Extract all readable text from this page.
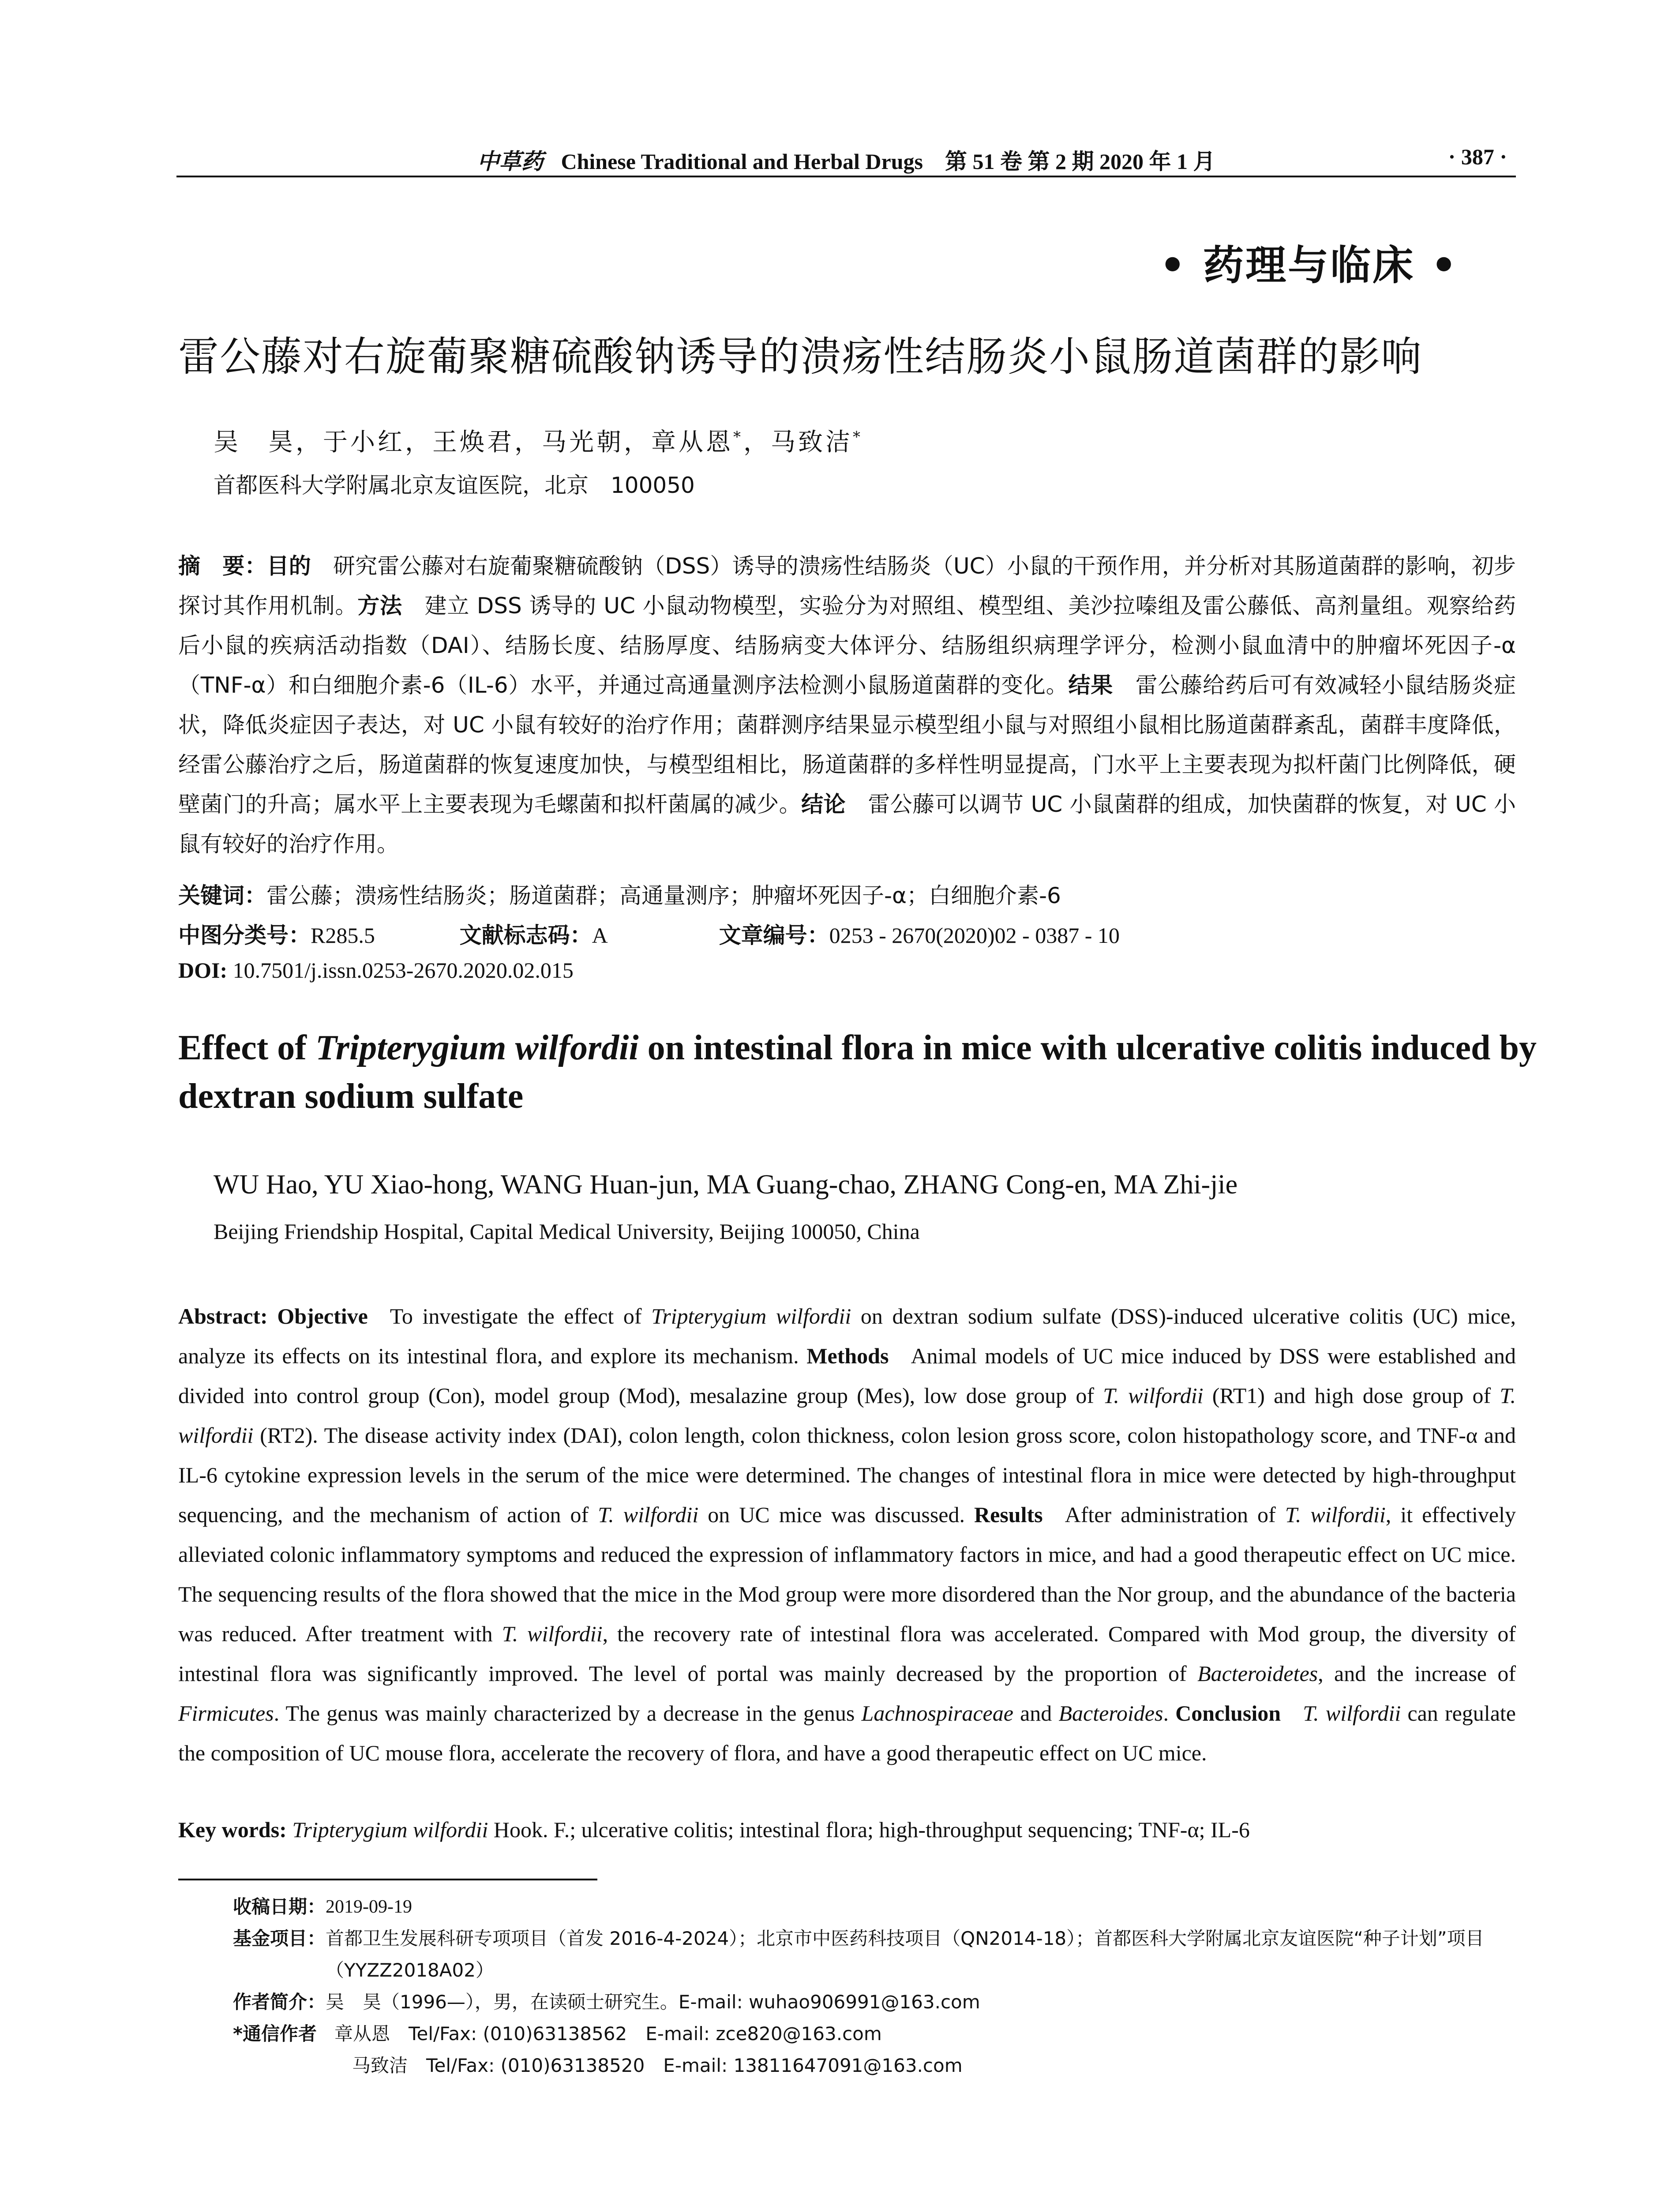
中草药 Chinese Traditional and Herbal Drugs　第 51 卷 第 2 期 2020 年 1 月	· 387 ·
• 药理与临床 •
雷公藤对右旋葡聚糖硫酸钠诱导的溃疡性结肠炎小鼠肠道菌群的影响
吴　昊，于小红，王焕君，马光朝，章从恩*，马致洁*
首都医科大学附属北京友谊医院，北京　100050
摘　要：目的 研究雷公藤对右旋葡聚糖硫酸钠（DSS）诱导的溃疡性结肠炎（UC）小鼠的干预作用，并分析对其肠道菌群的影响，初步探讨其作用机制。方法 建立 DSS 诱导的 UC 小鼠动物模型，实验分为对照组、模型组、美沙拉嗪组及雷公藤低、高剂量组。观察给药后小鼠的疾病活动指数（DAI）、结肠长度、结肠厚度、结肠病变大体评分、结肠组织病理学评分，检测小鼠血清中的肿瘤坏死因子-α（TNF-α）和白细胞介素-6（IL-6）水平，并通过高通量测序法检测小鼠肠道菌群的变化。结果 雷公藤给药后可有效减轻小鼠结肠炎症状，降低炎症因子表达，对 UC 小鼠有较好的治疗作用；菌群测序结果显示模型组小鼠与对照组小鼠相比肠道菌群紊乱，菌群丰度降低，经雷公藤治疗之后，肠道菌群的恢复速度加快，与模型组相比，肠道菌群的多样性明显提高，门水平上主要表现为拟杆菌门比例降低，硬壁菌门的升高；属水平上主要表现为毛螺菌和拟杆菌属的减少。结论 雷公藤可以调节 UC 小鼠菌群的组成，加快菌群的恢复，对 UC 小鼠有较好的治疗作用。
关键词：雷公藤；溃疡性结肠炎；肠道菌群；高通量测序；肿瘤坏死因子-α；白细胞介素-6
中图分类号：R285.5	文献标志码：A	文章编号：0253 - 2670(2020)02 - 0387 - 10
DOI: 10.7501/j.issn.0253-2670.2020.02.015
Effect of Tripterygium wilfordii on intestinal flora in mice with ulcerative colitis induced by dextran sodium sulfate
WU Hao, YU Xiao-hong, WANG Huan-jun, MA Guang-chao, ZHANG Cong-en, MA Zhi-jie
Beijing Friendship Hospital, Capital Medical University, Beijing 100050, China
Abstract: Objective To investigate the effect of Tripterygium wilfordii on dextran sodium sulfate (DSS)-induced ulcerative colitis (UC) mice, analyze its effects on its intestinal flora, and explore its mechanism. Methods Animal models of UC mice induced by DSS were established and divided into control group (Con), model group (Mod), mesalazine group (Mes), low dose group of T. wilfordii (RT1) and high dose group of T. wilfordii (RT2). The disease activity index (DAI), colon length, colon thickness, colon lesion gross score, colon histopathology score, and TNF-α and IL-6 cytokine expression levels in the serum of the mice were determined. The changes of intestinal flora in mice were detected by high-throughput sequencing, and the mechanism of action of T. wilfordii on UC mice was discussed. Results After administration of T. wilfordii, it effectively alleviated colonic inflammatory symptoms and reduced the expression of inflammatory factors in mice, and had a good therapeutic effect on UC mice. The sequencing results of the flora showed that the mice in the Mod group were more disordered than the Nor group, and the abundance of the bacteria was reduced. After treatment with T. wilfordii, the recovery rate of intestinal flora was accelerated. Compared with Mod group, the diversity of intestinal flora was significantly improved. The level of portal was mainly decreased by the proportion of Bacteroidetes, and the increase of Firmicutes. The genus was mainly characterized by a decrease in the genus Lachnospiraceae and Bacteroides. Conclusion T. wilfordii can regulate the composition of UC mouse flora, accelerate the recovery of flora, and have a good therapeutic effect on UC mice.
Key words: Tripterygium wilfordii Hook. F.; ulcerative colitis; intestinal flora; high-throughput sequencing; TNF-α; IL-6
收稿日期： 2019-09-19
基金项目： 首都卫生发展科研专项项目（首发 2016-4-2024）；北京市中医药科技项目（QN2014-18）；首都医科大学附属北京友谊医院“种子计划”项目（YYZZ2018A02）
作者简介： 吴　昊（1996—），男，在读硕士研究生。E-mail: wuhao906991@163.com
*通信作者 章从恩　Tel/Fax: (010)63138562　E-mail: zce820@163.com
马致洁　Tel/Fax: (010)63138520　E-mail: 13811647091@163.com
